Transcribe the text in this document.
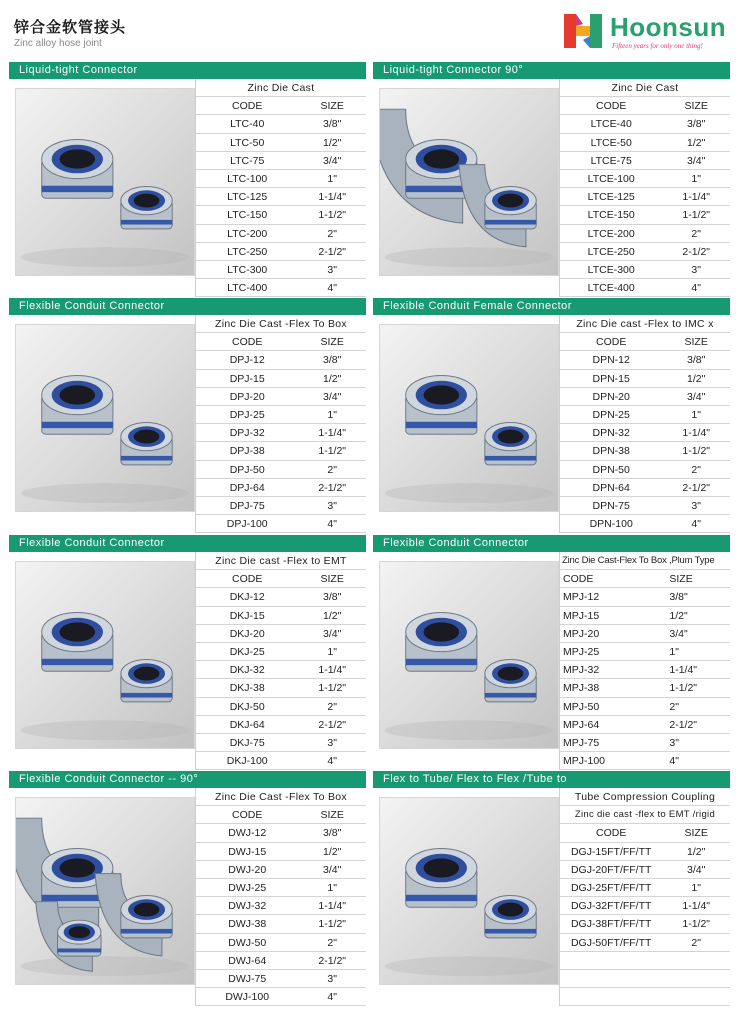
锌合金软管接头
Zinc alloy hose joint
Hoonsun
Fifteen years for only one thing!
Liquid-tight Connector
Zinc Die Cast
CODE	SIZE
LTC-40	3/8"
LTC-50	1/2"
LTC-75	3/4"
LTC-100	1"
LTC-125	1-1/4"
LTC-150	1-1/2"
LTC-200	2"
LTC-250	2-1/2"
LTC-300	3"
LTC-400	4"
Liquid-tight Connector 90°
Zinc Die Cast
CODE	SIZE
LTCE-40	3/8"
LTCE-50	1/2"
LTCE-75	3/4"
LTCE-100	1"
LTCE-125	1-1/4"
LTCE-150	1-1/2"
LTCE-200	2"
LTCE-250	2-1/2"
LTCE-300	3"
LTCE-400	4"
Flexible Conduit Connector
Zinc Die Cast -Flex To Box
CODE	SIZE
DPJ-12	3/8"
DPJ-15	1/2"
DPJ-20	3/4"
DPJ-25	1"
DPJ-32	1-1/4"
DPJ-38	1-1/2"
DPJ-50	2"
DPJ-64	2-1/2"
DPJ-75	3"
DPJ-100	4"
Flexible Conduit Female Connector
Zinc Die cast -Flex to IMC x
CODE	SIZE
DPN-12	3/8"
DPN-15	1/2"
DPN-20	3/4"
DPN-25	1"
DPN-32	1-1/4"
DPN-38	1-1/2"
DPN-50	2"
DPN-64	2-1/2"
DPN-75	3"
DPN-100	4"
Flexible Conduit Connector
Zinc Die cast -Flex to EMT
CODE	SIZE
DKJ-12	3/8"
DKJ-15	1/2"
DKJ-20	3/4"
DKJ-25	1"
DKJ-32	1-1/4"
DKJ-38	1-1/2"
DKJ-50	2"
DKJ-64	2-1/2"
DKJ-75	3"
DKJ-100	4"
Flexible Conduit Connector
Zinc Die Cast-Flex To Box ,Plum Type
CODE	SIZE
MPJ-12	3/8"
MPJ-15	1/2"
MPJ-20	3/4"
MPJ-25	1"
MPJ-32	1-1/4"
MPJ-38	1-1/2"
MPJ-50	2"
MPJ-64	2-1/2"
MPJ-75	3"
MPJ-100	4"
Flexible Conduit Connector -- 90°
Zinc Die Cast -Flex To Box
CODE	SIZE
DWJ-12	3/8"
DWJ-15	1/2"
DWJ-20	3/4"
DWJ-25	1"
DWJ-32	1-1/4"
DWJ-38	1-1/2"
DWJ-50	2"
DWJ-64	2-1/2"
DWJ-75	3"
DWJ-100	4"
Flex to Tube/ Flex to Flex /Tube to
Tube Compression Coupling
Zinc die cast -flex to EMT /rigid
CODE	SIZE
DGJ-15FT/FF/TT	1/2"
DGJ-20FT/FF/TT	3/4"
DGJ-25FT/FF/TT	1"
DGJ-32FT/FF/TT	1-1/4"
DGJ-38FT/FF/TT	1-1/2"
DGJ-50FT/FF/TT	2"
